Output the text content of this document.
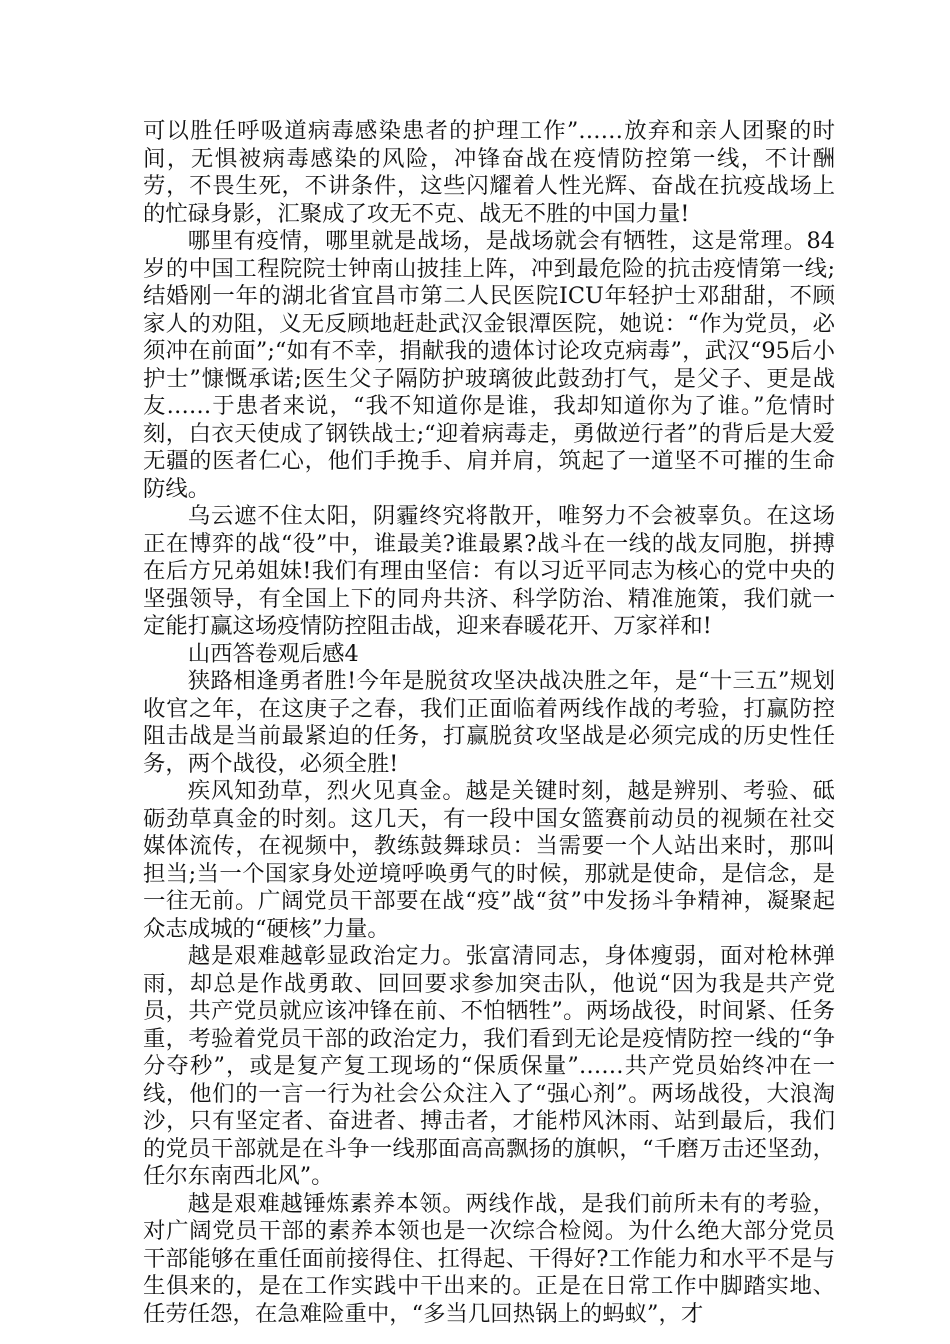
可以胜任呼吸道病毒感染患者的护理工作”……放弃和亲人团聚的时间，无惧被病毒感染的风险，冲锋奋战在疫情防控第一线，不计酬劳，不畏生死，不讲条件，这些闪耀着人性光辉、奋战在抗疫战场上的忙碌身影，汇聚成了攻无不克、战无不胜的中国力量!

哪里有疫情，哪里就是战场，是战场就会有牺牲，这是常理。84岁的中国工程院院士钟南山披挂上阵，冲到最危险的抗击疫情第一线;结婚刚一年的湖北省宜昌市第二人民医院ICU年轻护士邓甜甜，不顾家人的劝阻，义无反顾地赶赴武汉金银潭医院，她说：“作为党员，必须冲在前面”;“如有不幸，捐献我的遗体讨论攻克病毒”，武汉“95后小护士”慷慨承诺;医生父子隔防护玻璃彼此鼓劲打气，是父子、更是战友……于患者来说，“我不知道你是谁，我却知道你为了谁。”危情时刻，白衣天使成了钢铁战士;“迎着病毒走，勇做逆行者”的背后是大爱无疆的医者仁心，他们手挽手、肩并肩，筑起了一道坚不可摧的生命防线。

乌云遮不住太阳，阴霾终究将散开，唯努力不会被辜负。在这场正在博弈的战“役”中，谁最美?谁最累?战斗在一线的战友同胞，拼搏在后方兄弟姐妹!我们有理由坚信：有以习近平同志为核心的党中央的坚强领导，有全国上下的同舟共济、科学防治、精准施策，我们就一定能打赢这场疫情防控阻击战，迎来春暖花开、万家祥和!

山西答卷观后感4

狭路相逢勇者胜!今年是脱贫攻坚决战决胜之年，是“十三五”规划收官之年，在这庚子之春，我们正面临着两线作战的考验，打赢防控阻击战是当前最紧迫的任务，打赢脱贫攻坚战是必须完成的历史性任务，两个战役，必须全胜!

疾风知劲草，烈火见真金。越是关键时刻，越是辨别、考验、砥砺劲草真金的时刻。这几天，有一段中国女篮赛前动员的视频在社交媒体流传，在视频中，教练鼓舞球员：当需要一个人站出来时，那叫担当;当一个国家身处逆境呼唤勇气的时候，那就是使命，是信念，是一往无前。广阔党员干部要在战“疫”战“贫”中发扬斗争精神，凝聚起众志成城的“硬核”力量。

越是艰难越彰显政治定力。张富清同志，身体瘦弱，面对枪林弹雨，却总是作战勇敢、回回要求参加突击队，他说“因为我是共产党员，共产党员就应该冲锋在前、不怕牺牲”。两场战役，时间紧、任务重，考验着党员干部的政治定力，我们看到无论是疫情防控一线的“争分夺秒”，或是复产复工现场的“保质保量”……共产党员始终冲在一线，他们的一言一行为社会公众注入了“强心剂”。两场战役，大浪淘沙，只有坚定者、奋进者、搏击者，才能栉风沐雨、站到最后，我们的党员干部就是在斗争一线那面高高飘扬的旗帜，“千磨万击还坚劲，任尔东南西北风”。

越是艰难越锤炼素养本领。两线作战，是我们前所未有的考验，对广阔党员干部的素养本领也是一次综合检阅。为什么绝大部分党员干部能够在重任面前接得住、扛得起、干得好?工作能力和水平不是与生俱来的，是在工作实践中干出来的。正是在日常工作中脚踏实地、任劳任怨，在急难险重中，“多当几回热锅上的蚂蚁”，才
